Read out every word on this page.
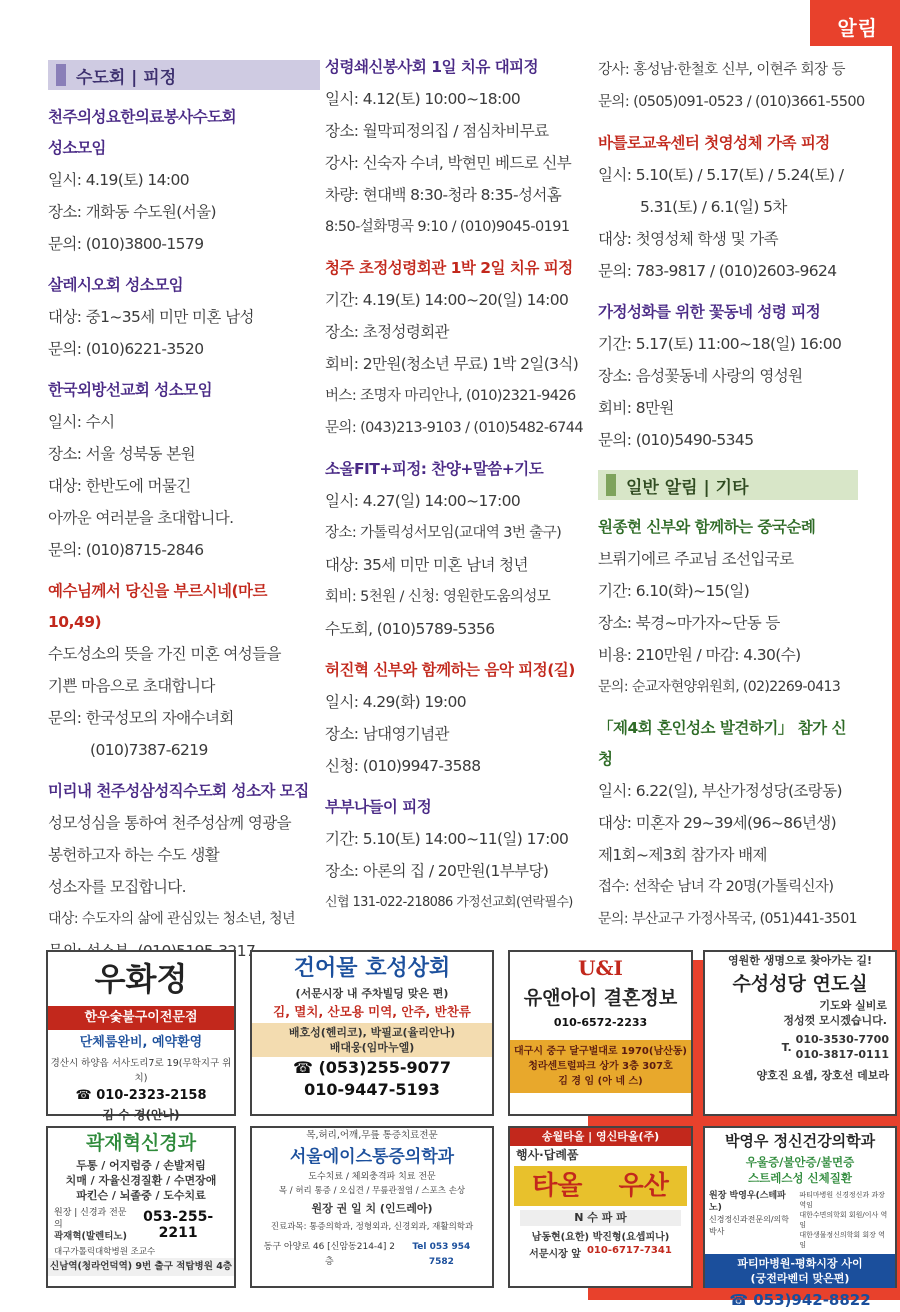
알림
수도회 | 피정
천주의성요한의료봉사수도회
성소모임
일시: 4.19(토) 14:00
장소: 개화동 수도원(서울)
문의: (010)3800-1579
살레시오회 성소모임
대상: 중1~35세 미만 미혼 남성
문의: (010)6221-3520
한국외방선교회 성소모임
일시: 수시
장소: 서울 성북동 본원
대상: 한반도에 머물긴
아까운 여러분을 초대합니다.
문의: (010)8715-2846
예수님께서 당신을 부르시네(마르 10,49)
수도성소의 뜻을 가진 미혼 여성들을
기쁜 마음으로 초대합니다
문의: 한국성모의 자애수녀회
(010)7387-6219
미리내 천주성삼성직수도회 성소자 모집
성모성심을 통하여 천주성삼께 영광을
봉헌하고자 하는 수도 생활
성소자를 모집합니다.
대상: 수도자의 삶에 관심있는 청소년, 청년
성령쇄신봉사회 1일 치유 대피정
일시: 4.12(토) 10:00~18:00
장소: 월막피정의집 / 점심차비무료
강사: 신숙자 수녀, 박현민 베드로 신부
차량: 현대백 8:30-청라 8:35-성서홈
8:50-설화명곡 9:10 / (010)9045-0191
청주 초정성령회관 1박 2일 치유 피정
기간: 4.19(토) 14:00~20(일) 14:00
장소: 초정성령회관
회비: 2만원(청소년 무료) 1박 2일(3식)
버스: 조명자 마리안나, (010)2321-9426
문의: (043)213-9103 / (010)5482-6744
소울FIT+피정: 찬양+말씀+기도
일시: 4.27(일) 14:00~17:00
장소: 가톨릭성서모임(교대역 3번 출구)
대상: 35세 미만 미혼 남녀 청년
회비: 5천원 / 신청: 영원한도움의성모
수도회, (010)5789-5356
허진혁 신부와 함께하는 음악 피정(길)
일시: 4.29(화) 19:00
장소: 남대영기념관
신청: (010)9947-3588
부부나들이 피정
기간: 5.10(토) 14:00~11(일) 17:00
장소: 아론의 집 / 20만원(1부부당)
신협 131-022-218086 가정선교회(연락필수)
강사: 홍성남·한철호 신부, 이현주 회장 등
문의: (0505)091-0523 / (010)3661-5500
바틀로교육센터 첫영성체 가족 피정
일시: 5.10(토) / 5.17(토) / 5.24(토) /
5.31(토) / 6.1(일) 5차
대상: 첫영성체 학생 및 가족
문의: 783-9817 / (010)2603-9624
가정성화를 위한 꽃동네 성령 피정
기간: 5.17(토) 11:00~18(일) 16:00
장소: 음성꽃동네 사랑의 영성원
회비: 8만원
문의: (010)5490-5345
일반 알림 | 기타
원종현 신부와 함께하는 중국순례
브뤼기에르 주교님 조선입국로
기간: 6.10(화)~15(일)
장소: 북경~마가자~단동 등
비용: 210만원 / 마감: 4.30(수)
문의: 순교자현양위원회, (02)2269-0413
「제4회 혼인성소 발견하기」 참가 신청
일시: 6.22(일), 부산가정성당(조랑동)
대상: 미혼자 29~39세(96~86년생)
제1회~제3회 참가자 배제
접수: 선착순 남녀 각 20명(가톨릭신자)
문의: 부산교구 가정사목국, (051)441-3501
우화정
한우숯불구이전문점
단체룸완비, 예약환영
경산시 하양읍 서사도리7로 19(무학지구 위치)
☎ 010-2323-2158
김 수 경(안나)
건어물 호성상회
(서문시장 내 주차빌딩 맞은 편)
김, 멸치, 산모용 미역, 안주, 반찬류
배호성(헨리코), 박필교(율리안나)
배대웅(임마누엘)
☎ (053)255-9077
010-9447-5193
U&I
유앤아이 결혼정보
010-6572-2233
대구시 중구 달구벌대로 1970(남산동)
청라센트럴파크 상가 3층 307호
김 경 임 (아 네 스)
영원한 생명으로 찾아가는 길!
수성성당 연도실
기도와 실비로
정성껏 모시겠습니다.
T.
010-3530-7700
010-3817-0111
양호진 요셉, 장호선 데보라
곽재혁신경과
두통 / 어지럼증 / 손발저림
치매 / 자율신경질환 / 수면장애
파킨슨 / 뇌졸중 / 도수치료
원장 | 신경과 전문의
곽재혁(발렌티노)
053-255-2211
대구가톨릭대학병원 조교수
신남역(청라언덕역) 9번 출구 적탑병원 4층
목,허리,어깨,무릎 통증치료전문
서울에이스통증의학과
도수치료 / 체외충격파 치료 전문
목 / 허리 통증 / 오십견 / 무릎관절염 / 스포츠 손상
원장 권 일 치 (인드레아)
진료과목: 통증의학과, 정형외과, 신경외과, 재활의학과
동구 아양로 46 [신암동214-4] 2층
Tel 053 954 7582
송월타올 | 영신타올(주)
행사·답례품
타올 우산
N 수 파 파
남동현(요한) 박진형(요셉피나)
서문시장 앞 010-6717-7341
박영우 정신건강의학과
우울증/불안증/불면증
스트레스성 신체질환
원장 박영우(스테파노)
신경정신과전문의/의학박사
파티마병원 신경정신과 과장 역임
대한수면의학회 회원/이사 역임
대한생물정신의학회 회장 역임
파티마병원-평화시장 사이
(궁전라벤더 맞은편)
☎ 053)942-8822
